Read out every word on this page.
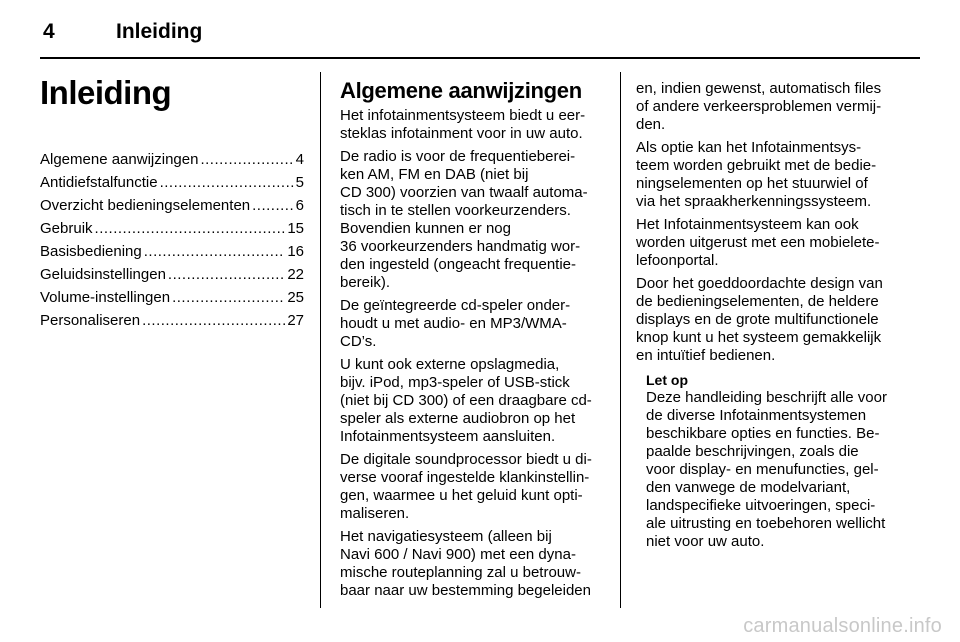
4	Inleiding
Inleiding
Algemene aanwijzingen .....	4
Antidiefstalfunctie .....	5
Overzicht bedieningselementen .....	6
Gebruik .....	15
Basisbediening .....	16
Geluidsinstellingen .....	22
Volume-instellingen .....	25
Personaliseren .....	27
Algemene aanwijzingen

Het infotainmentsysteem biedt u eer-
steklas infotainment voor in uw auto.

De radio is voor de frequentieberei-
ken AM, FM en DAB (niet bij
CD 300) voorzien van twaalf automa-
tisch in te stellen voorkeurzenders.
Bovendien kunnen er nog
36 voorkeurzenders handmatig wor-
den ingesteld (ongeacht frequentie-
bereik).

De geïntegreerde cd-speler onder-
houdt u met audio- en MP3/WMA-
CD’s.

U kunt ook externe opslagmedia,
bijv. iPod, mp3-speler of USB-stick
(niet bij CD 300) of een draagbare cd-
speler als externe audiobron op het
Infotainmentsysteem aansluiten.

De digitale soundprocessor biedt u di-
verse vooraf ingestelde klankinstellin-
gen, waarmee u het geluid kunt opti-
maliseren.

Het navigatiesysteem (alleen bij
Navi 600 / Navi 900) met een dyna-
mische routeplanning zal u betrouw-
baar naar uw bestemming begeleiden

en, indien gewenst, automatisch files
of andere verkeersproblemen vermij-
den.

Als optie kan het Infotainmentsys-
teem worden gebruikt met de bedie-
ningselementen op het stuurwiel of
via het spraakherkenningssysteem.

Het Infotainmentsysteem kan ook
worden uitgerust met een mobielete-
lefoonportal.

Door het goeddoordachte design van
de bedieningselementen, de heldere
displays en de grote multifunctionele
knop kunt u het systeem gemakkelijk
en intuïtief bedienen.

Let op

Deze handleiding beschrijft alle voor
de diverse Infotainmentsystemen
beschikbare opties en functies. Be-
paalde beschrijvingen, zoals die
voor display- en menufuncties, gel-
den vanwege de modelvariant,
landspecifieke uitvoeringen, speci-
ale uitrusting en toebehoren wellicht
niet voor uw auto.

carmanualsonline.info
